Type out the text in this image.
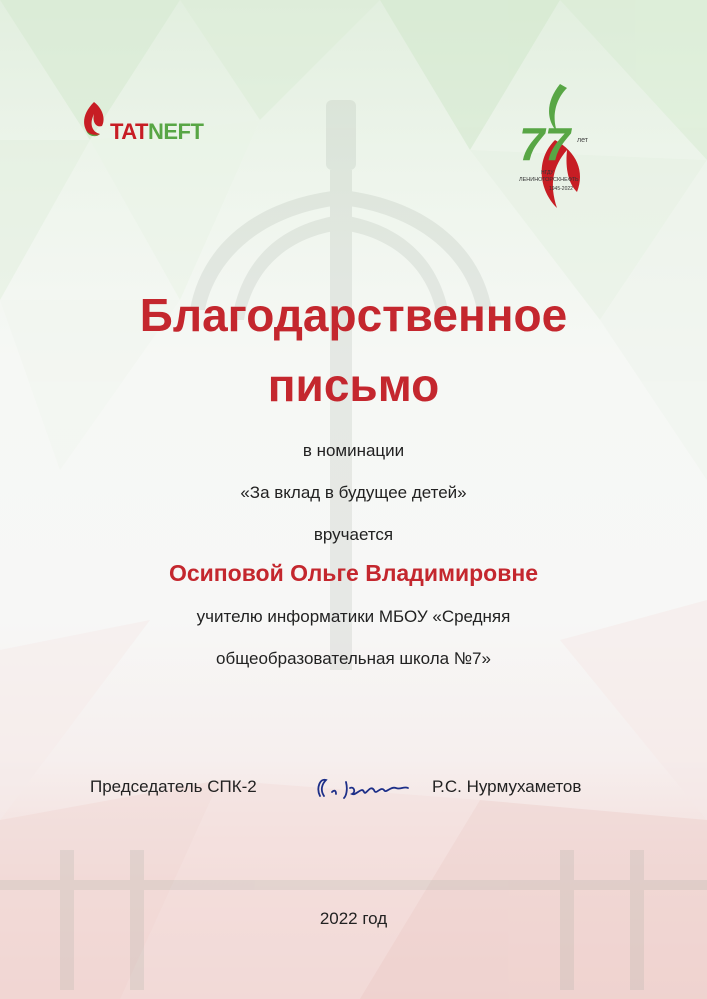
TATNEFT	77 лет
НГДУ
ЛЕНИНОГОРСКНЕФТЬ
1945-2022
Благодарственное
письмо
в номинации
«За вклад в будущее детей»
вручается
Осиповой Ольге Владимировне
учителю информатики МБОУ «Средняя
общеобразовательная школа №7»
Председатель СПК-2	Р.С. Нурмухаметов
2022 год
